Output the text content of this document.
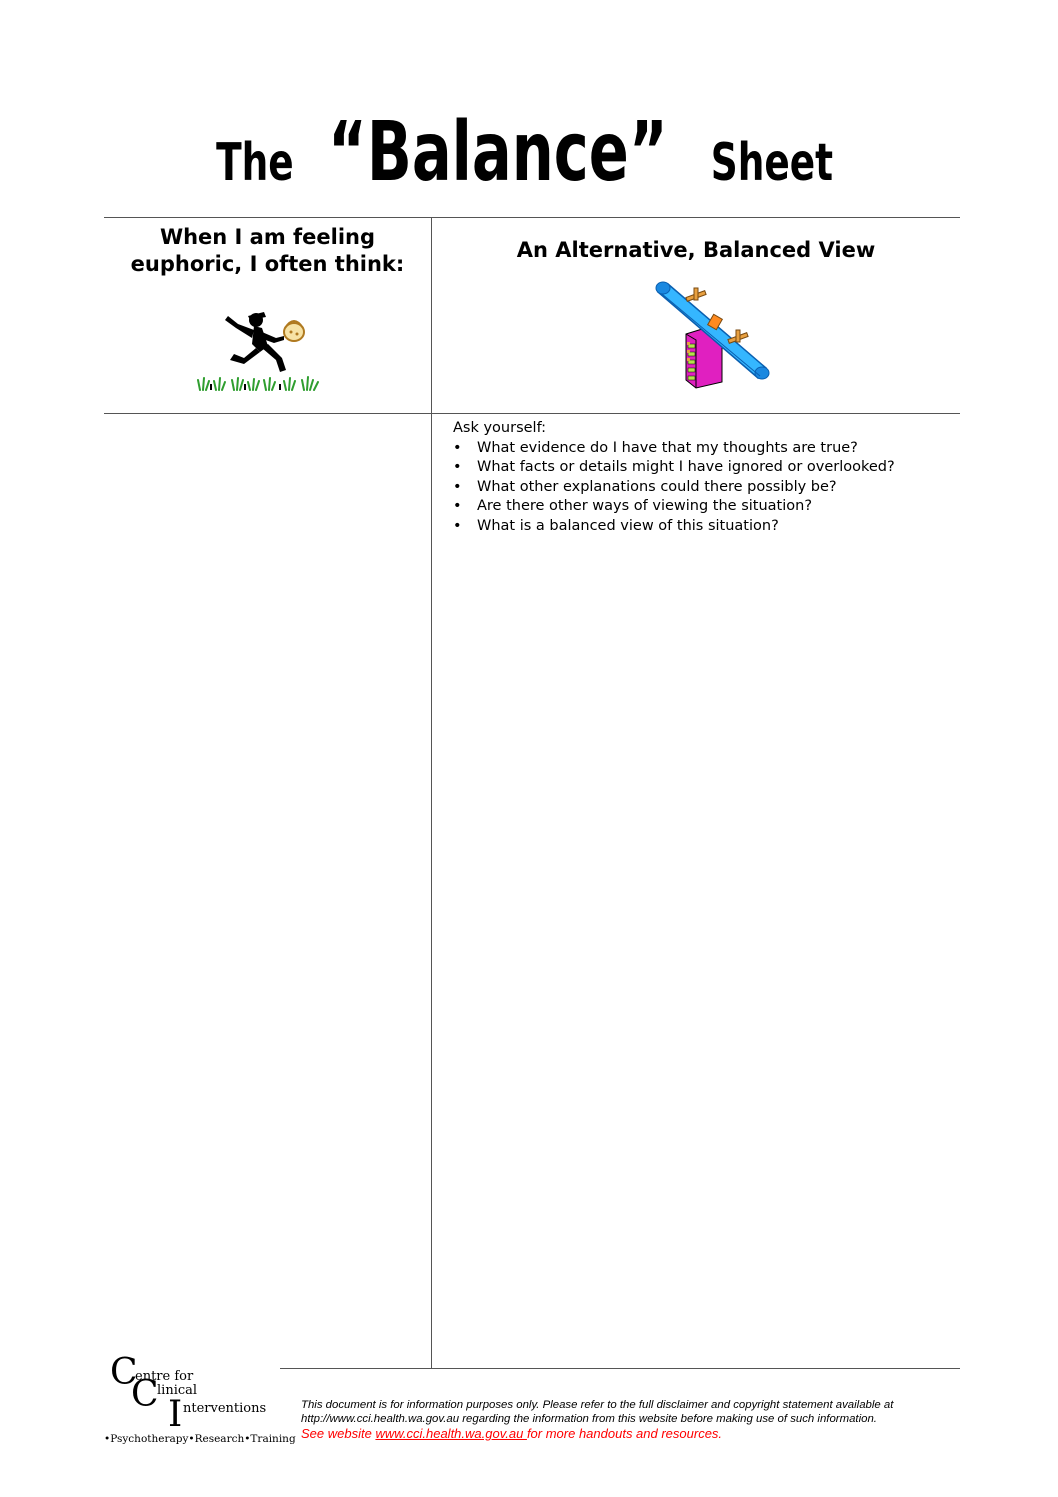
The “Balance” Sheet
When I am feeling
euphoric, I often think:
An Alternative, Balanced View
Ask yourself:
• What evidence do I have that my thoughts are true?
• What facts or details might I have ignored or overlooked?
• What other explanations could there possibly be?
• Are there other ways of viewing the situation?
• What is a balanced view of this situation?
C
entre for
C
linical
I nterventions
•Psychotherapy•Research•Training
This document is for information purposes only. Please refer to the full disclaimer and copyright statement available at
http://www.cci.health.wa.gov.au regarding the information from this website before making use of such information.
See website www.cci.health.wa.gov.au for more handouts and resources.
